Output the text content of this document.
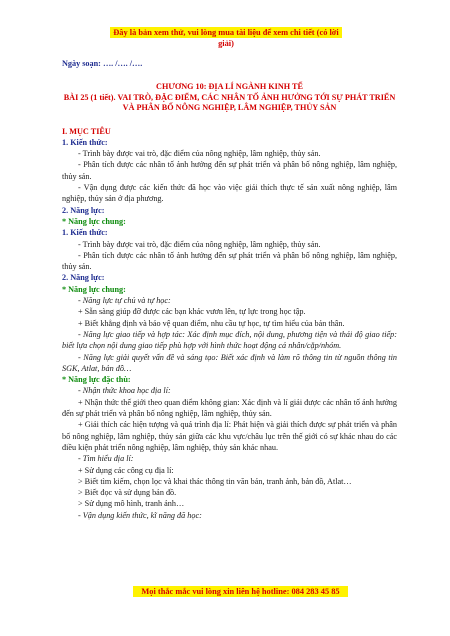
Đây là bản xem thử, vui lòng mua tài liệu để xem chi tiết (có lời giải)
Ngày soạn: …. /…. /….
CHƯƠNG 10: ĐỊA LÍ NGÀNH KINH TẾ
BÀI 25 (1 tiết). VAI TRÒ, ĐẶC ĐIỂM, CÁC NHÂN TỐ ẢNH HƯỞNG TỚI SỰ PHÁT TRIỂN VÀ PHÂN BỐ NÔNG NGHIỆP, LÂM NGHIỆP, THỦY SẢN
I. MỤC TIÊU
1. Kiến thức:
- Trình bày được vai trò, đặc điểm của nông nghiệp, lâm nghiệp, thủy sản.
- Phân tích được các nhân tố ảnh hưởng đến sự phát triển và phân bố nông nghiệp, lâm nghiệp, thủy sản.
- Vận dụng được các kiến thức đã học vào việc giải thích thực tế sản xuất nông nghiệp, lâm nghiệp, thủy sản ở địa phương.
2. Năng lực:
* Năng lực chung:
1. Kiến thức:
- Trình bày được vai trò, đặc điểm của nông nghiệp, lâm nghiệp, thủy sản.
- Phân tích được các nhân tố ảnh hưởng đến sự phát triển và phân bố nông nghiệp, lâm nghiệp, thủy sản.
2. Năng lực:
* Năng lực chung:
- Năng lực tự chủ và tự học:
+ Sẵn sàng giúp đỡ được các bạn khác vươn lên, tự lực trong học tập.
+ Biết khẳng định và bảo vệ quan điểm, nhu cầu tự học, tự tìm hiểu của bản thân.
- Năng lực giao tiếp và hợp tác: Xác định mục đích, nội dung, phương tiện và thái độ giao tiếp: biết lựa chọn nội dung giao tiếp phù hợp với hình thức hoạt động cá nhân/cặp/nhóm.
- Năng lực giải quyết vấn đề và sáng tạo: Biết xác định và làm rõ thông tin từ nguồn thông tin SGK, Atlat, bản đồ…
* Năng lực đặc thù:
- Nhận thức khoa học địa lí:
+ Nhận thức thế giới theo quan điểm không gian: Xác định và lí giải được các nhân tố ảnh hưởng đến sự phát triển và phân bố nông nghiệp, lâm nghiệp, thủy sản.
+ Giải thích các hiện tượng và quá trình địa lí: Phát hiện và giải thích được sự phát triển và phân bố nông nghiệp, lâm nghiệp, thủy sản giữa các khu vực/châu lục trên thế giới có sự khác nhau do các điều kiện phát triển nông nghiệp, lâm nghiệp, thủy sản khác nhau.
- Tìm hiểu địa lí:
+ Sử dụng các công cụ địa lí:
> Biết tìm kiếm, chọn lọc và khai thác thông tin văn bản, tranh ảnh, bản đồ, Atlat…
> Biết đọc và sử dụng bản đồ.
> Sử dụng mô hình, tranh ảnh…
- Vận dụng kiến thức, kĩ năng đã học:
Mọi thắc mắc vui lòng xin liên hệ hotline: 084 283 45 85
